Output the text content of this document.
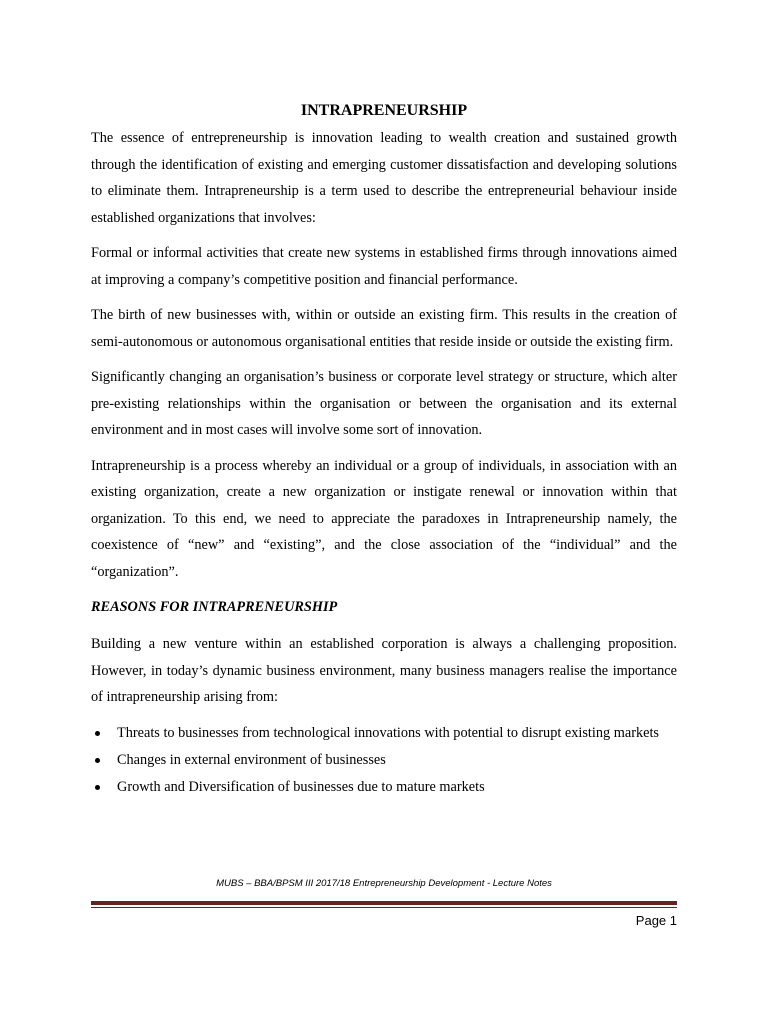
INTRAPRENEURSHIP

The essence of entrepreneurship is innovation leading to wealth creation and sustained growth through the identification of existing and emerging customer dissatisfaction and developing solutions to eliminate them. Intrapreneurship is a term used to describe the entrepreneurial behaviour inside established organizations that involves:

Formal or informal activities that create new systems in established firms through innovations aimed at improving a company’s competitive position and financial performance.

The birth of new businesses with, within or outside an existing firm. This results in the creation of semi-autonomous or autonomous organisational entities that reside inside or outside the existing firm.

Significantly changing an organisation’s business or corporate level strategy or structure, which alter pre-existing relationships within the organisation or between the organisation and its external environment and in most cases will involve some sort of innovation.

Intrapreneurship is a process whereby an individual or a group of individuals, in association with an existing organization, create a new organization or instigate renewal or innovation within that organization. To this end, we need to appreciate the paradoxes in Intrapreneurship namely, the coexistence of “new” and “existing”, and the close association of the “individual” and the “organization”.

REASONS FOR INTRAPRENEURSHIP

Building a new venture within an established corporation is always a challenging proposition. However, in today’s dynamic business environment, many business managers realise the importance of intrapreneurship arising from:

Threats to businesses from technological innovations with potential to disrupt existing markets
Changes in external environment of businesses
Growth and Diversification of businesses due to mature markets
MUBS – BBA/BPSM III 2017/18 Entrepreneurship Development - Lecture Notes
Page 1
